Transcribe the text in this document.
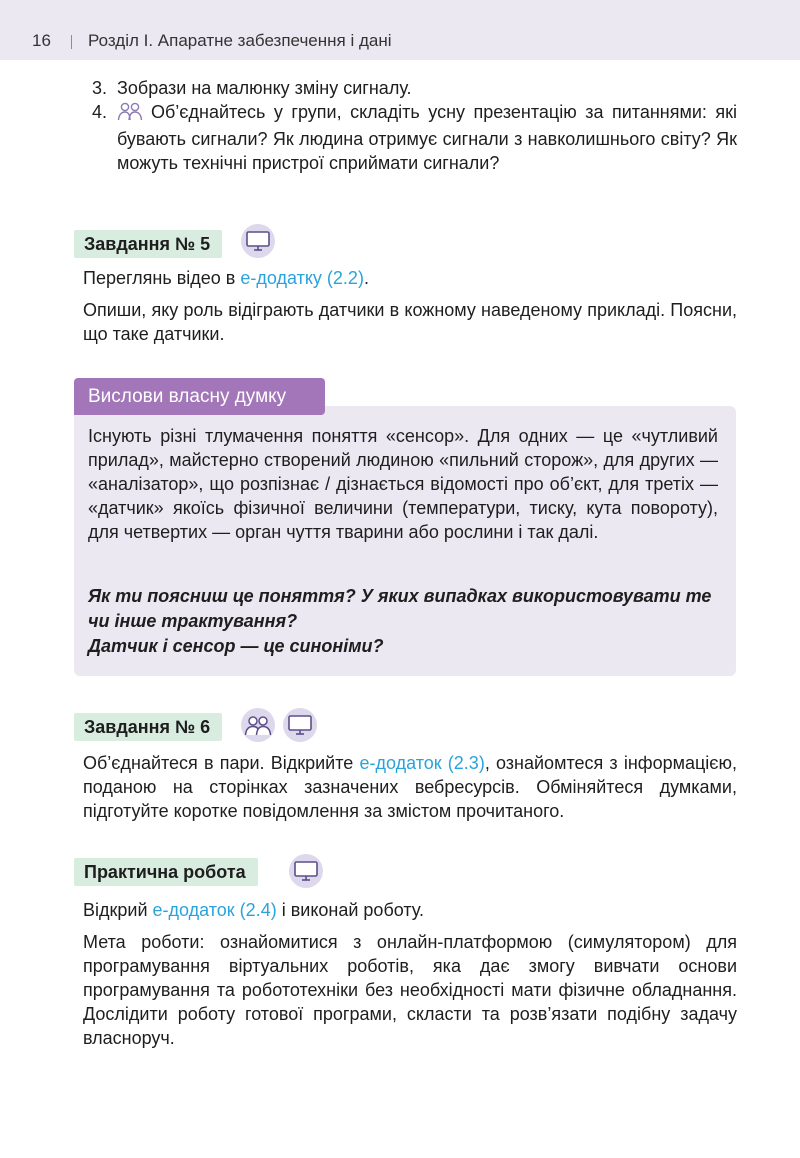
16 Розділ І. Апаратне забезпечення і дані
3. Зобрази на малюнку зміну сигналу.
4. Об’єднайтесь у групи, складіть усну презентацію за питаннями: які бувають сигнали? Як людина отримує сигнали з навколишнього світу? Як можуть технічні пристрої сприймати сигнали?
Завдання № 5

Переглянь відео в е-додатку (2.2).

Опиши, яку роль відіграють датчики в кожному наведеному прикладі. Поясни, що таке датчики.

Вислови власну думку

Існують різні тлумачення поняття «сенсор». Для одних — це «чутливий прилад», майстерно створений людиною «пильний сторож», для других — «аналізатор», що розпізнає / дізнається відомості про об’єкт, для третіх — «датчик» якоїсь фізичної величини (температури, тиску, кута повороту), для четвертих — орган чуття тварини або рослини і так далі.

Як ти поясниш це поняття? У яких випадках використовувати те чи інше трактування?
Датчик і сенсор — це синоніми?
Завдання № 6

Об’єднайтеся в пари. Відкрийте е-додаток (2.3), ознайомтеся з інформацією, поданою на сторінках зазначених вебресурсів. Обміняйтеся думками, підготуйте коротке повідомлення за змістом прочитаного.

Практична робота

Відкрий е-додаток (2.4) і виконай роботу.

Мета роботи: ознайомитися з онлайн-платформою (симулятором) для програмування віртуальних роботів, яка дає змогу вивчати основи програмування та робототехніки без необхідності мати фізичне обладнання. Дослідити роботу готової програми, скласти та розв’язати подібну задачу власноруч.
